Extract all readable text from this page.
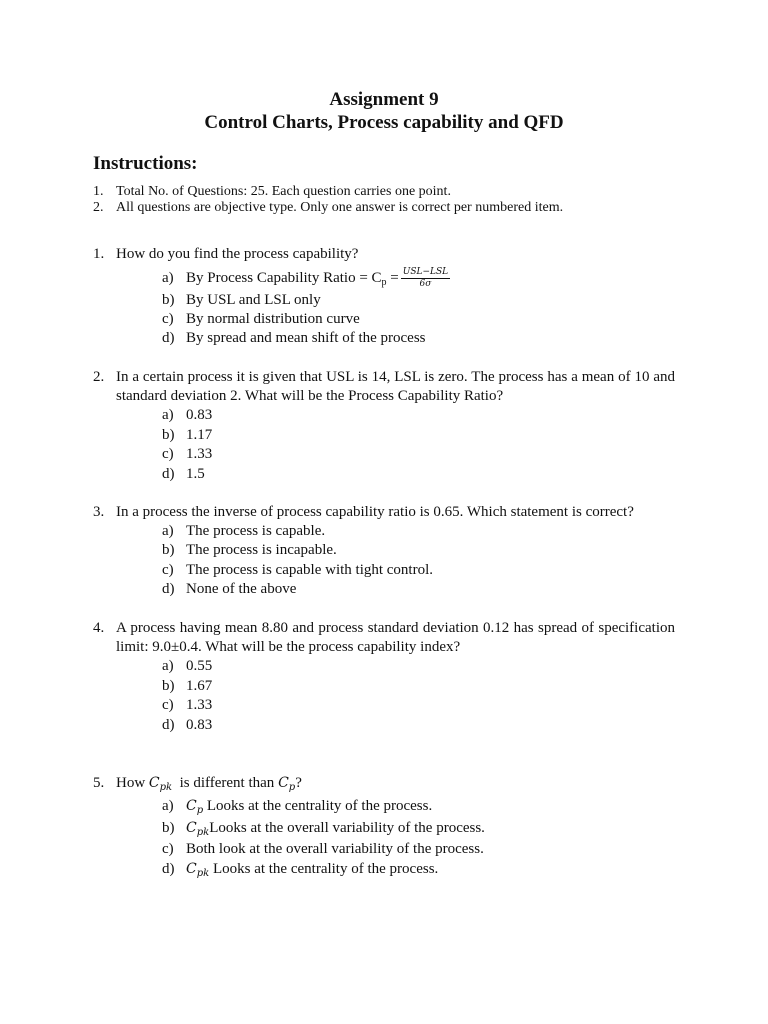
Assignment 9
Control Charts, Process capability and QFD
Instructions:
1. Total No. of Questions: 25. Each question carries one point.
2. All questions are objective type. Only one answer is correct per numbered item.
1. How do you find the process capability?
a) By Process Capability Ratio = $C_p = \frac{\text{USL−LSL}}{6\sigma}$
b) By USL and LSL only
c) By normal distribution curve
d) By spread and mean shift of the process
2. In a certain process it is given that USL is 14, LSL is zero. The process has a mean of 10 and standard deviation 2. What will be the Process Capability Ratio?
a) 0.83
b) 1.17
c) 1.33
d) 1.5
3. In a process the inverse of process capability ratio is 0.65. Which statement is correct?
a) The process is capable.
b) The process is incapable.
c) The process is capable with tight control.
d) None of the above
4. A process having mean 8.80 and process standard deviation 0.12 has spread of specification limit: 9.0±0.4. What will be the process capability index?
a) 0.55
b) 1.67
c) 1.33
d) 0.83
5. How $C_{pk}$  is different than $C_p$?
a) $C_p$ Looks at the centrality of the process.
b) $C_{pk}Looks$ at the overall variability of the process.
c) Both look at the overall variability of the process.
d) $C_{pk}$ Looks at the centrality of the process.
